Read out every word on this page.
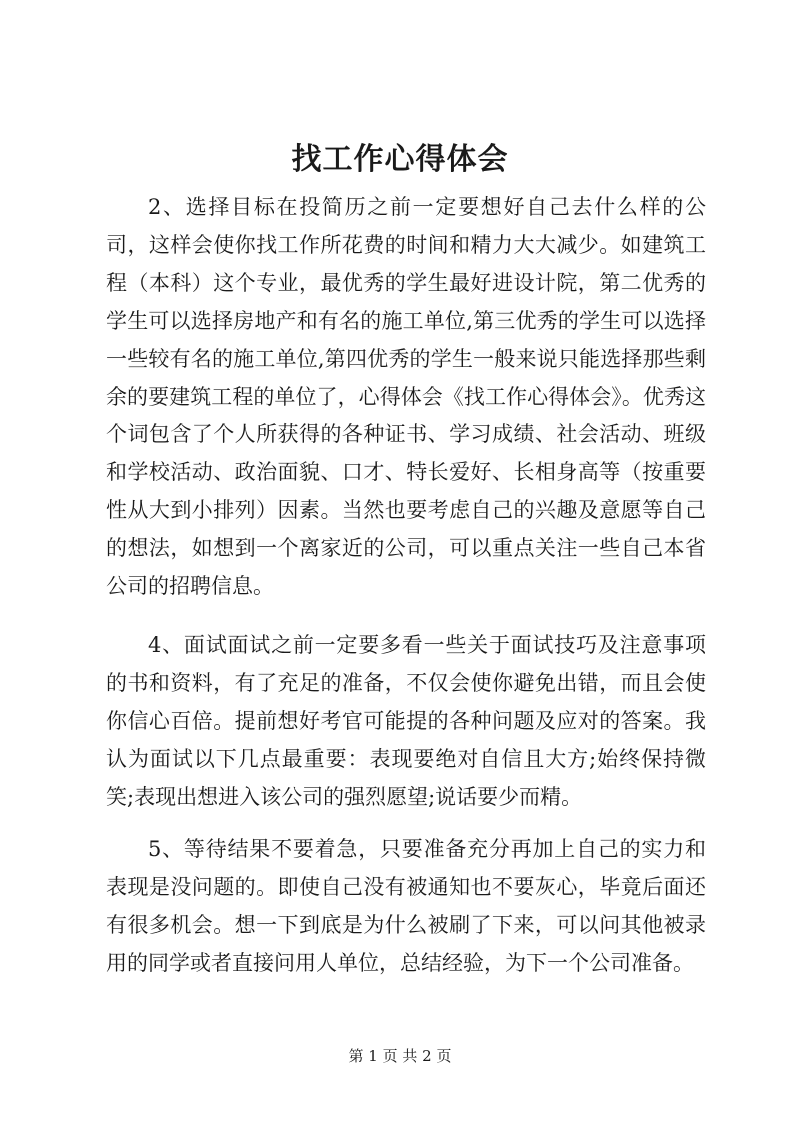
找工作心得体会

2、选择目标在投简历之前一定要想好自己去什么样的公司，这样会使你找工作所花费的时间和精力大大减少。如建筑工程（本科）这个专业，最优秀的学生最好进设计院，第二优秀的学生可以选择房地产和有名的施工单位,第三优秀的学生可以选择一些较有名的施工单位,第四优秀的学生一般来说只能选择那些剩余的要建筑工程的单位了，心得体会《找工作心得体会》。优秀这个词包含了个人所获得的各种证书、学习成绩、社会活动、班级和学校活动、政治面貌、口才、特长爱好、长相身高等（按重要性从大到小排列）因素。当然也要考虑自己的兴趣及意愿等自己的想法，如想到一个离家近的公司，可以重点关注一些自己本省公司的招聘信息。

4、面试面试之前一定要多看一些关于面试技巧及注意事项的书和资料，有了充足的准备，不仅会使你避免出错，而且会使你信心百倍。提前想好考官可能提的各种问题及应对的答案。我认为面试以下几点最重要：表现要绝对自信且大方;始终保持微笑;表现出想进入该公司的强烈愿望;说话要少而精。

5、等待结果不要着急，只要准备充分再加上自己的实力和表现是没问题的。即使自己没有被通知也不要灰心，毕竟后面还有很多机会。想一下到底是为什么被刷了下来，可以问其他被录用的同学或者直接问用人单位，总结经验，为下一个公司准备。

第 1 页 共 2 页
